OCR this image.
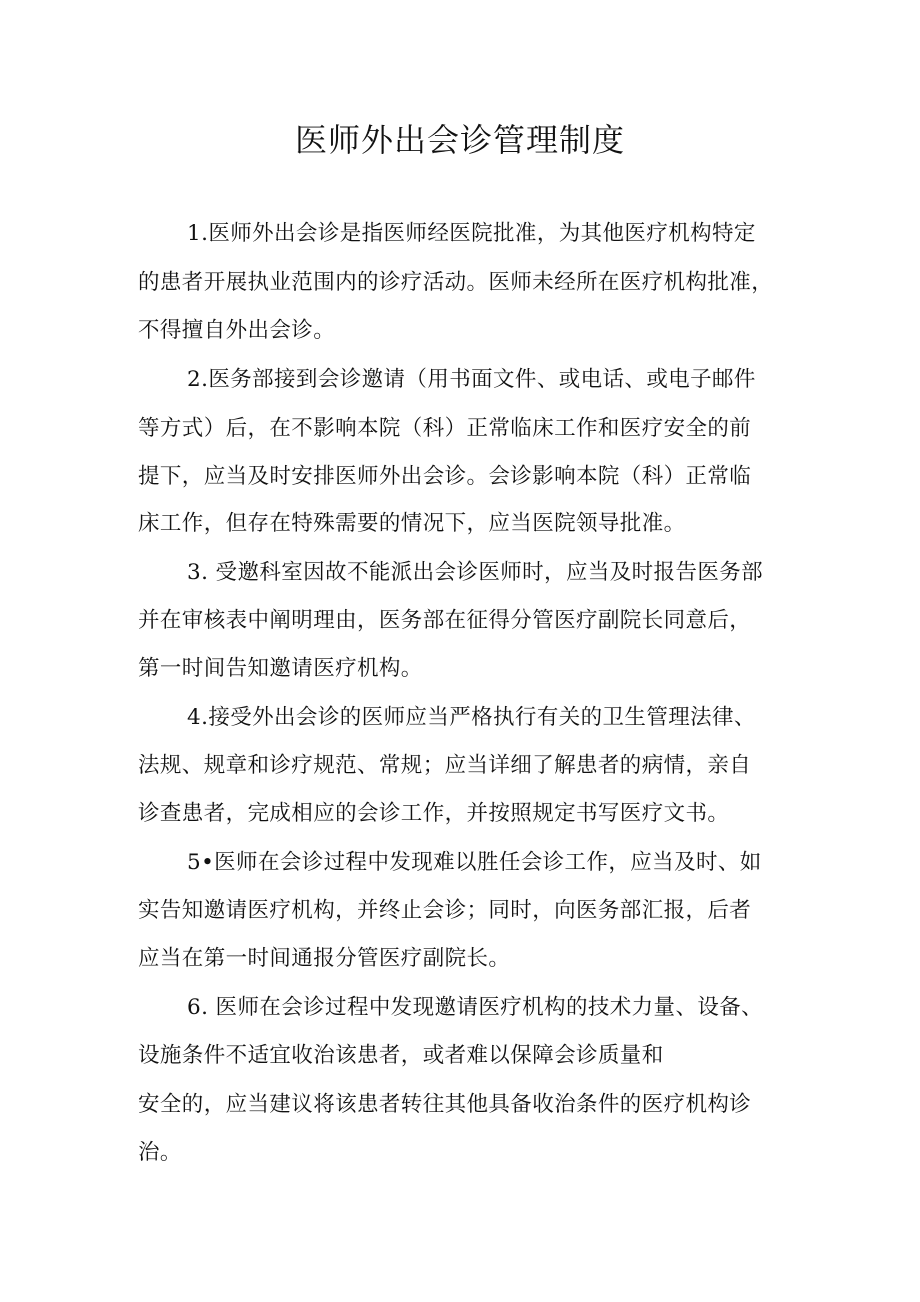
医师外出会诊管理制度
1.医师外出会诊是指医师经医院批准，为其他医疗机构特定
的患者开展执业范围内的诊疗活动。医师未经所在医疗机构批准，
不得擅自外出会诊。
2.医务部接到会诊邀请（用书面文件、或电话、或电子邮件
等方式）后，在不影响本院（科）正常临床工作和医疗安全的前
提下，应当及时安排医师外出会诊。会诊影响本院（科）正常临
床工作，但存在特殊需要的情况下，应当医院领导批准。
3. 受邀科室因故不能派出会诊医师时，应当及时报告医务部
并在审核表中阐明理由，医务部在征得分管医疗副院长同意后，
第一时间告知邀请医疗机构。
4.接受外出会诊的医师应当严格执行有关的卫生管理法律、
法规、规章和诊疗规范、常规；应当详细了解患者的病情，亲自
诊查患者，完成相应的会诊工作，并按照规定书写医疗文书。
5•医师在会诊过程中发现难以胜任会诊工作，应当及时、如
实告知邀请医疗机构，并终止会诊；同时，向医务部汇报，后者
应当在第一时间通报分管医疗副院长。
6. 医师在会诊过程中发现邀请医疗机构的技术力量、设备、
设施条件不适宜收治该患者，或者难以保障会诊质量和
安全的，应当建议将该患者转往其他具备收治条件的医疗机构诊
治。
